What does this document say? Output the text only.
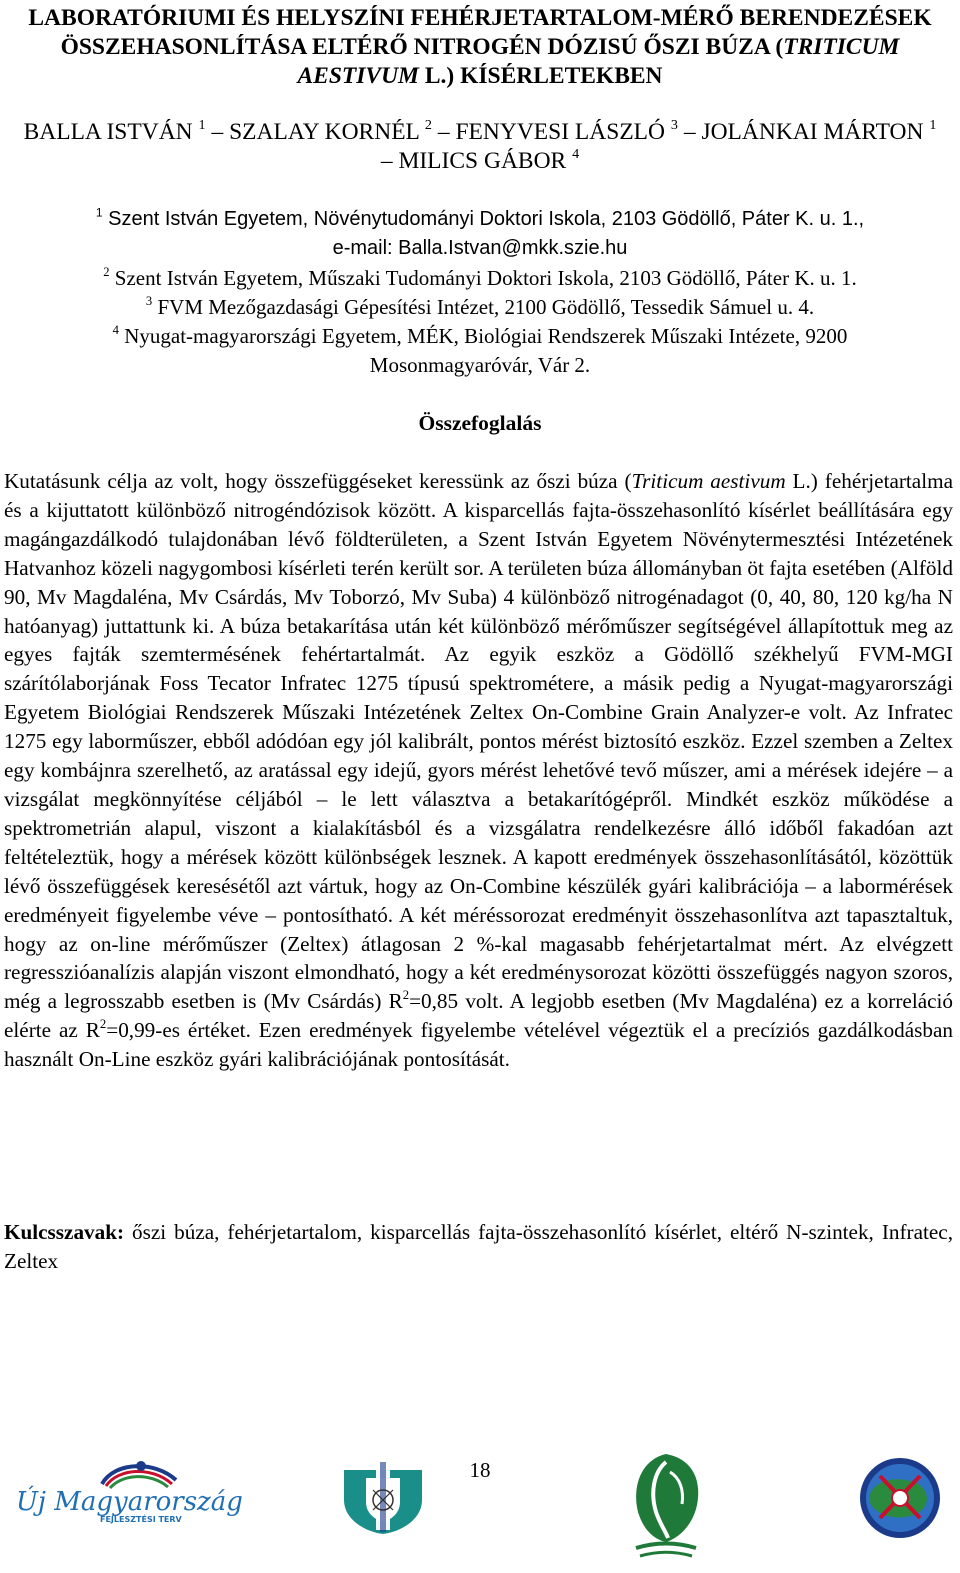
LABORATÓRIUMI ÉS HELYSZÍNI FEHÉRJETARTALOM-MÉRŐ BERENDEZÉSEK ÖSSZEHASONLÍTÁSA ELTÉRŐ NITROGÉN DÓZISÚ ŐSZI BÚZA (TRITICUM AESTIVUM L.) KÍSÉRLETEKBEN
BALLA ISTVÁN $^1$ – SZALAY KORNÉL $^2$ – FENYVESI LÁSZLÓ $^3$ – JOLÁNKAI MÁRTON $^1$ – MILICS GÁBOR $^4$
$^1$ Szent István Egyetem, Növénytudományi Doktori Iskola, 2103 Gödöllő, Páter K. u. 1.,
e-mail: Balla.Istvan@mkk.szie.hu
$^2$ Szent István Egyetem, Műszaki Tudományi Doktori Iskola, 2103 Gödöllő, Páter K. u. 1.
$^3$ FVM Mezőgazdasági Gépesítési Intézet, 2100 Gödöllő, Tessedik Sámuel u. 4.
$^4$ Nyugat-magyarországi Egyetem, MÉK, Biológiai Rendszerek Műszaki Intézete, 9200
Mosonmagyaróvár, Vár 2.
Összefoglalás

Kutatásunk célja az volt, hogy összefüggéseket keressünk az őszi búza (Triticum aestivum L.) fehérjetartalma és a kijuttatott különböző nitrogéndózisok között. A kisparcellás fajta-összehasonlító kísérlet beállítására egy magángazdálkodó tulajdonában lévő földterületen, a Szent István Egyetem Növénytermesztési Intézetének Hatvanhoz közeli nagygombosi kísérleti terén került sor. A területen búza állományban öt fajta esetében (Alföld 90, Mv Magdaléna, Mv Csárdás, Mv Toborzó, Mv Suba) 4 különböző nitrogénadagot (0, 40, 80, 120 kg/ha N hatóanyag) juttattunk ki. A búza betakarítása után két különböző mérőműszer segítségével állapítottuk meg az egyes fajták szemtermésének fehértartalmát. Az egyik eszköz a Gödöllő székhelyű FVM-MGI szárítólaborjának Foss Tecator Infratec 1275 típusú spektrométere, a másik pedig a Nyugat-magyarországi Egyetem Biológiai Rendszerek Műszaki Intézetének Zeltex On-Combine Grain Analyzer-e volt. Az Infratec 1275 egy laborműszer, ebből adódóan egy jól kalibrált, pontos mérést biztosító eszköz. Ezzel szemben a Zeltex egy kombájnra szerelhető, az aratással egy idejű, gyors mérést lehetővé tevő műszer, ami a mérések idejére – a vizsgálat megkönnyítése céljából – le lett választva a betakarítógépről. Mindkét eszköz működése a spektrometrián alapul, viszont a kialakításból és a vizsgálatra rendelkezésre álló időből fakadóan azt feltételeztük, hogy a mérések között különbségek lesznek. A kapott eredmények összehasonlításától, közöttük lévő összefüggések keresésétől azt vártuk, hogy az On-Combine készülék gyári kalibrációja – a labormérések eredményeit figyelembe véve – pontosítható. A két méréssorozat eredményit összehasonlítva azt tapasztaltuk, hogy az on-line mérőműszer (Zeltex) átlagosan 2 %-kal magasabb fehérjetartalmat mért. Az elvégzett regresszióanalízis alapján viszont elmondható, hogy a két eredménysorozat közötti összefüggés nagyon szoros, még a legrosszabb esetben is (Mv Csárdás) $R^2=0,85$ volt. A legjobb esetben (Mv Magdaléna) ez a korreláció elérte az $R^2=0,99-es$ értéket. Ezen eredmények figyelembe vételével végeztük el a precíziós gazdálkodásban használt On-Line eszköz gyári kalibrációjának pontosítását.

Kulcsszavak: őszi búza, fehérjetartalom, kisparcellás fajta-összehasonlító kísérlet, eltérő N-szintek, Infratec, Zeltex

18
Új Magyarország
FEJLESZTÉSI TERV
